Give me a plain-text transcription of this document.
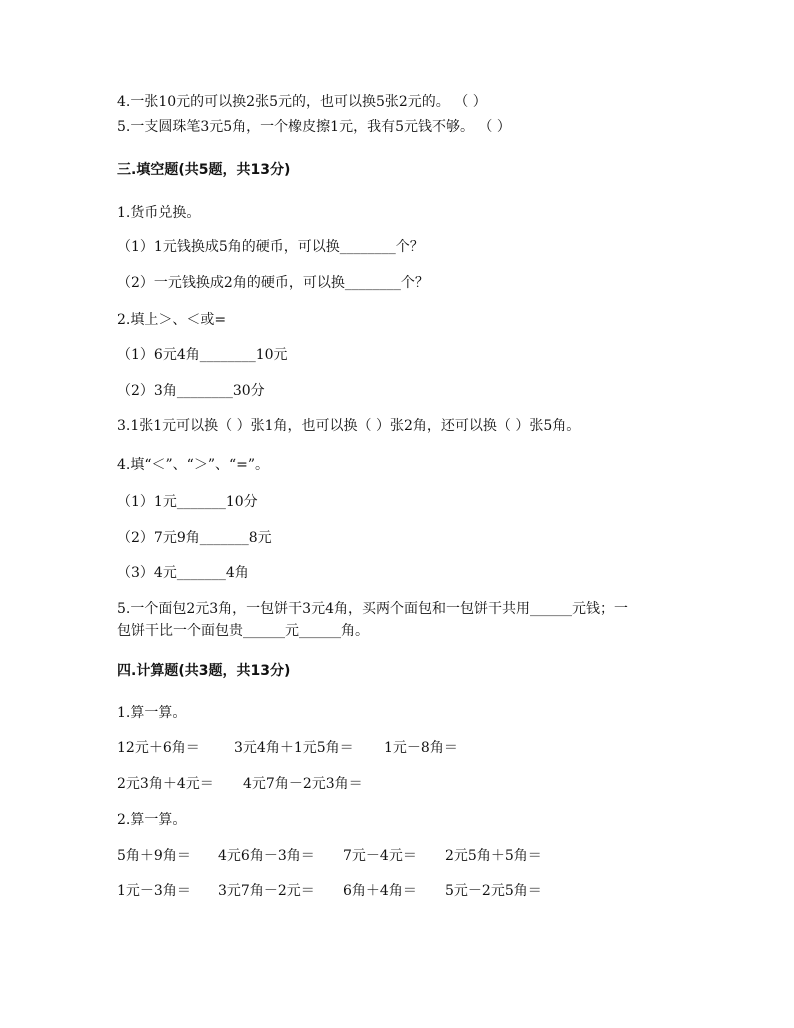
4.一张10元的可以换2张5元的，也可以换5张2元的。 （ ）
5.一支圆珠笔3元5角，一个橡皮擦1元，我有5元钱不够。 （ ）
三.填空题(共5题，共13分)
1.货币兑换。
（1）1元钱换成5角的硬币，可以换________个？
（2）一元钱换成2角的硬币，可以换________个？
2.填上＞、＜或=
（1）6元4角________10元
（2）3角________30分
3.1张1元可以换（ ）张1角，也可以换（ ）张2角，还可以换（ ）张5角。
4.填“＜”、“＞”、“=”。
（1）1元_______10分
（2）7元9角_______8元
（3）4元_______4角
5.一个面包2元3角，一包饼干3元4角，买两个面包和一包饼干共用______元钱；一
包饼干比一个面包贵______元______角。
四.计算题(共3题，共13分)
1.算一算。
12元＋6角＝ 3元4角＋1元5角＝ 1元－8角＝
2元3角＋4元＝ 4元7角－2元3角＝
2.算一算。
5角＋9角＝ 4元6角－3角＝ 7元－4元＝ 2元5角＋5角＝
1元－3角＝ 3元7角－2元＝ 6角＋4角＝ 5元－2元5角＝
